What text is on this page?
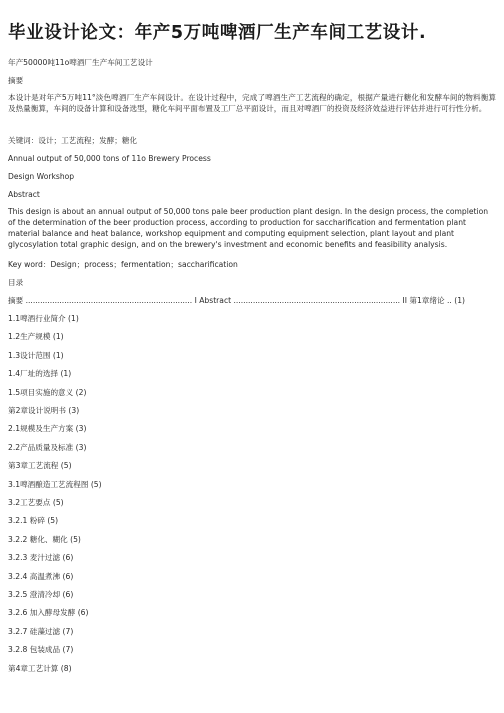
毕业设计论文：年产5万吨啤酒厂生产车间工艺设计.
年产50000吨11o啤酒厂生产车间工艺设计
摘要
本设计是对年产5万吨11°淡色啤酒厂生产车间设计。在设计过程中，完成了啤酒生产工艺流程的确定，根据产量进行糖化和发酵车间的物料衡算及热量衡算，车间的设备计算和设备选型，糖化车间平面布置及工厂总平面设计，而且对啤酒厂的投资及经济效益进行评估并进行可行性分析。
关键词：设计；工艺流程；发酵；糖化
Annual output of 50,000 tons of 11o Brewery Process
Design Workshop
Abstract
This design is about an annual output of 50,000 tons pale beer production plant design. In the design process, the completion of the determination of the beer production process, according to production for saccharification and fermentation plant material balance and heat balance, workshop equipment and computing equipment selection, plant layout and plant glycosylation total graphic design, and on the brewery's investment and economic benefits and feasibility analysis.
Key word：Design；process；fermentation；saccharification
目录
摘要 ..................................................................... I Abstract ..................................................................... II 第1章绪论 .. (1)
1.1啤酒行业简介 (1)
1.2生产规模 (1)
1.3设计范围 (1)
1.4厂址的选择 (1)
1.5项目实施的意义 (2)
第2章设计说明书 (3)
2.1规模及生产方案 (3)
2.2产品质量及标准 (3)
第3章工艺流程 (5)
3.1啤酒酿造工艺流程图 (5)
3.2工艺要点 (5)
3.2.1 粉碎 (5)
3.2.2 糖化、糊化 (5)
3.2.3 麦汁过滤 (6)
3.2.4 高温煮沸 (6)
3.2.5 澄清冷却 (6)
3.2.6 加入酵母发酵 (6)
3.2.7 硅藻过滤 (7)
3.2.8 包装成品 (7)
第4章工艺计算 (8)
